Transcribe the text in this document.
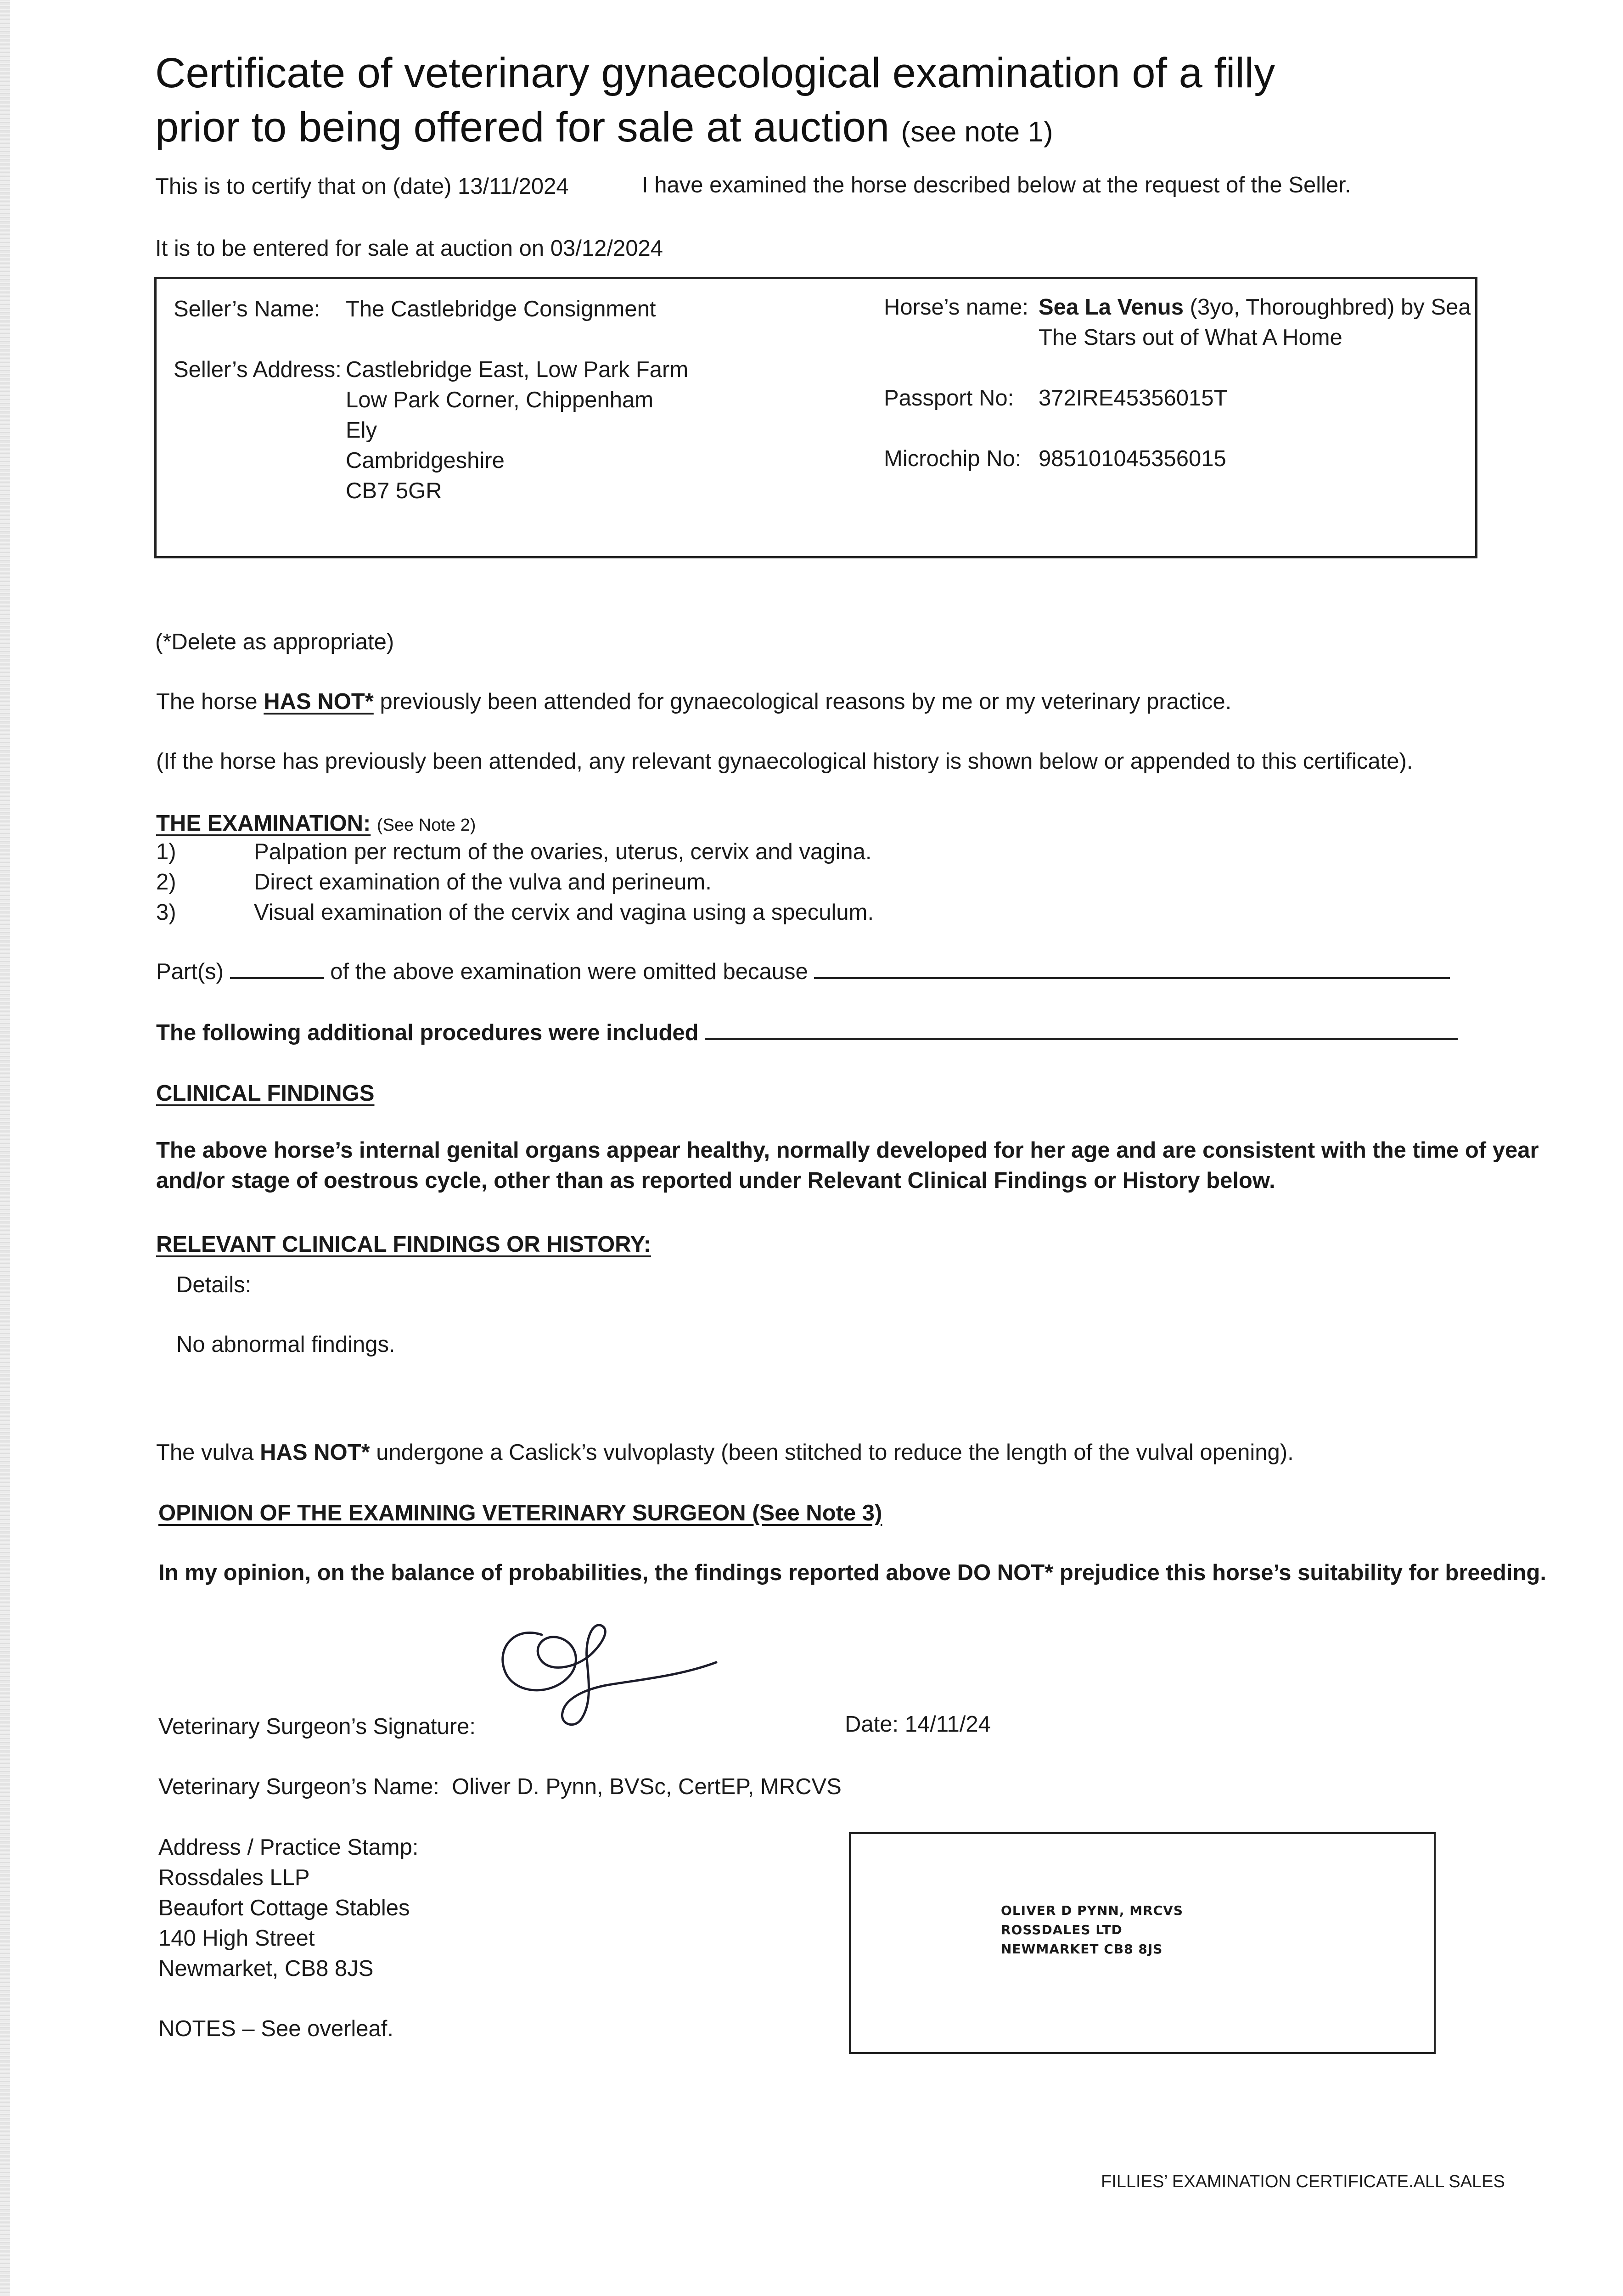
Certificate of veterinary gynaecological examination of a filly
prior to being offered for sale at auction (see note 1)
This is to certify that on (date) 13/11/2024	I have examined the horse described below at the request of the Seller.
It is to be entered for sale at auction on 03/12/2024
Seller’s Name: The Castlebridge Consignment
Seller’s Address: Castlebridge East, Low Park Farm
Low Park Corner, Chippenham
Ely
Cambridgeshire
CB7 5GR
Horse’s name: Sea La Venus (3yo, Thoroughbred) by Sea
The Stars out of What A Home
Passport No: 372IRE45356015T
Microchip No: 985101045356015
(*Delete as appropriate)
The horse HAS NOT* previously been attended for gynaecological reasons by me or my veterinary practice.
(If the horse has previously been attended, any relevant gynaecological history is shown below or appended to this certificate).
THE EXAMINATION: (See Note 2)
1)	Palpation per rectum of the ovaries, uterus, cervix and vagina.
2)	Direct examination of the vulva and perineum.
3)	Visual examination of the cervix and vagina using a speculum.
Part(s)	of the above examination were omitted because
The following additional procedures were included
CLINICAL FINDINGS
The above horse’s internal genital organs appear healthy, normally developed for her age and are consistent with the time of year
and/or stage of oestrous cycle, other than as reported under Relevant Clinical Findings or History below.
RELEVANT CLINICAL FINDINGS OR HISTORY:
Details:
No abnormal findings.
The vulva HAS NOT* undergone a Caslick’s vulvoplasty (been stitched to reduce the length of the vulval opening).
OPINION OF THE EXAMINING VETERINARY SURGEON (See Note 3)
In my opinion, on the balance of probabilities, the findings reported above DO NOT* prejudice this horse’s suitability for breeding.
Veterinary Surgeon’s Signature:	Date: 14/11/24
Veterinary Surgeon’s Name: Oliver D. Pynn, BVSc, CertEP, MRCVS
Address / Practice Stamp:
Rossdales LLP
Beaufort Cottage Stables
140 High Street
Newmarket, CB8 8JS
NOTES – See overleaf.
OLIVER D PYNN, MRCVS
ROSSDALES LTD
NEWMARKET CB8 8JS
FILLIES’ EXAMINATION CERTIFICATE.ALL SALES
